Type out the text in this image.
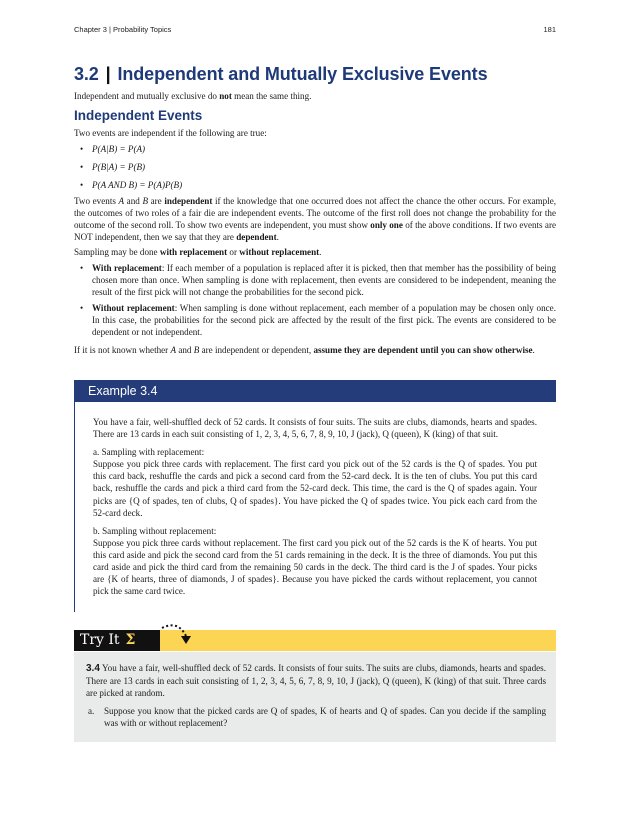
Chapter 3 | Probability Topics	181
3.2 | Independent and Mutually Exclusive Events

Independent and mutually exclusive do not mean the same thing.

Independent Events

Two events are independent if the following are true:

• P(A|B) = P(A)
• P(B|A) = P(B)
• P(A AND B) = P(A)P(B)

Two events A and B are independent if the knowledge that one occurred does not affect the chance the other occurs. For example, the outcomes of two roles of a fair die are independent events. The outcome of the first roll does not change the probability for the outcome of the second roll. To show two events are independent, you must show only one of the above conditions. If two events are NOT independent, then we say that they are dependent.

Sampling may be done with replacement or without replacement.

• With replacement: If each member of a population is replaced after it is picked, then that member has the possibility of being chosen more than once. When sampling is done with replacement, then events are considered to be independent, meaning the result of the first pick will not change the probabilities for the second pick.
• Without replacement: When sampling is done without replacement, each member of a population may be chosen only once. In this case, the probabilities for the second pick are affected by the result of the first pick. The events are considered to be dependent or not independent.

If it is not known whether A and B are independent or dependent, assume they are dependent until you can show otherwise.

Example 3.4

You have a fair, well-shuffled deck of 52 cards. It consists of four suits. The suits are clubs, diamonds, hearts and spades. There are 13 cards in each suit consisting of 1, 2, 3, 4, 5, 6, 7, 8, 9, 10, J (jack), Q (queen), K (king) of that suit.

a. Sampling with replacement:
Suppose you pick three cards with replacement. The first card you pick out of the 52 cards is the Q of spades. You put this card back, reshuffle the cards and pick a second card from the 52-card deck. It is the ten of clubs. You put this card back, reshuffle the cards and pick a third card from the 52-card deck. This time, the card is the Q of spades again. Your picks are {Q of spades, ten of clubs, Q of spades}. You have picked the Q of spades twice. You pick each card from the 52-card deck.

b. Sampling without replacement:
Suppose you pick three cards without replacement. The first card you pick out of the 52 cards is the K of hearts. You put this card aside and pick the second card from the 51 cards remaining in the deck. It is the three of diamonds. You put this card aside and pick the third card from the remaining 50 cards in the deck. The third card is the J of spades. Your picks are {K of hearts, three of diamonds, J of spades}. Because you have picked the cards without replacement, you cannot pick the same card twice.

Try It Σ

3.4 You have a fair, well-shuffled deck of 52 cards. It consists of four suits. The suits are clubs, diamonds, hearts and spades. There are 13 cards in each suit consisting of 1, 2, 3, 4, 5, 6, 7, 8, 9, 10, J (jack), Q (queen), K (king) of that suit. Three cards are picked at random.

a. Suppose you know that the picked cards are Q of spades, K of hearts and Q of spades. Can you decide if the sampling was with or without replacement?
